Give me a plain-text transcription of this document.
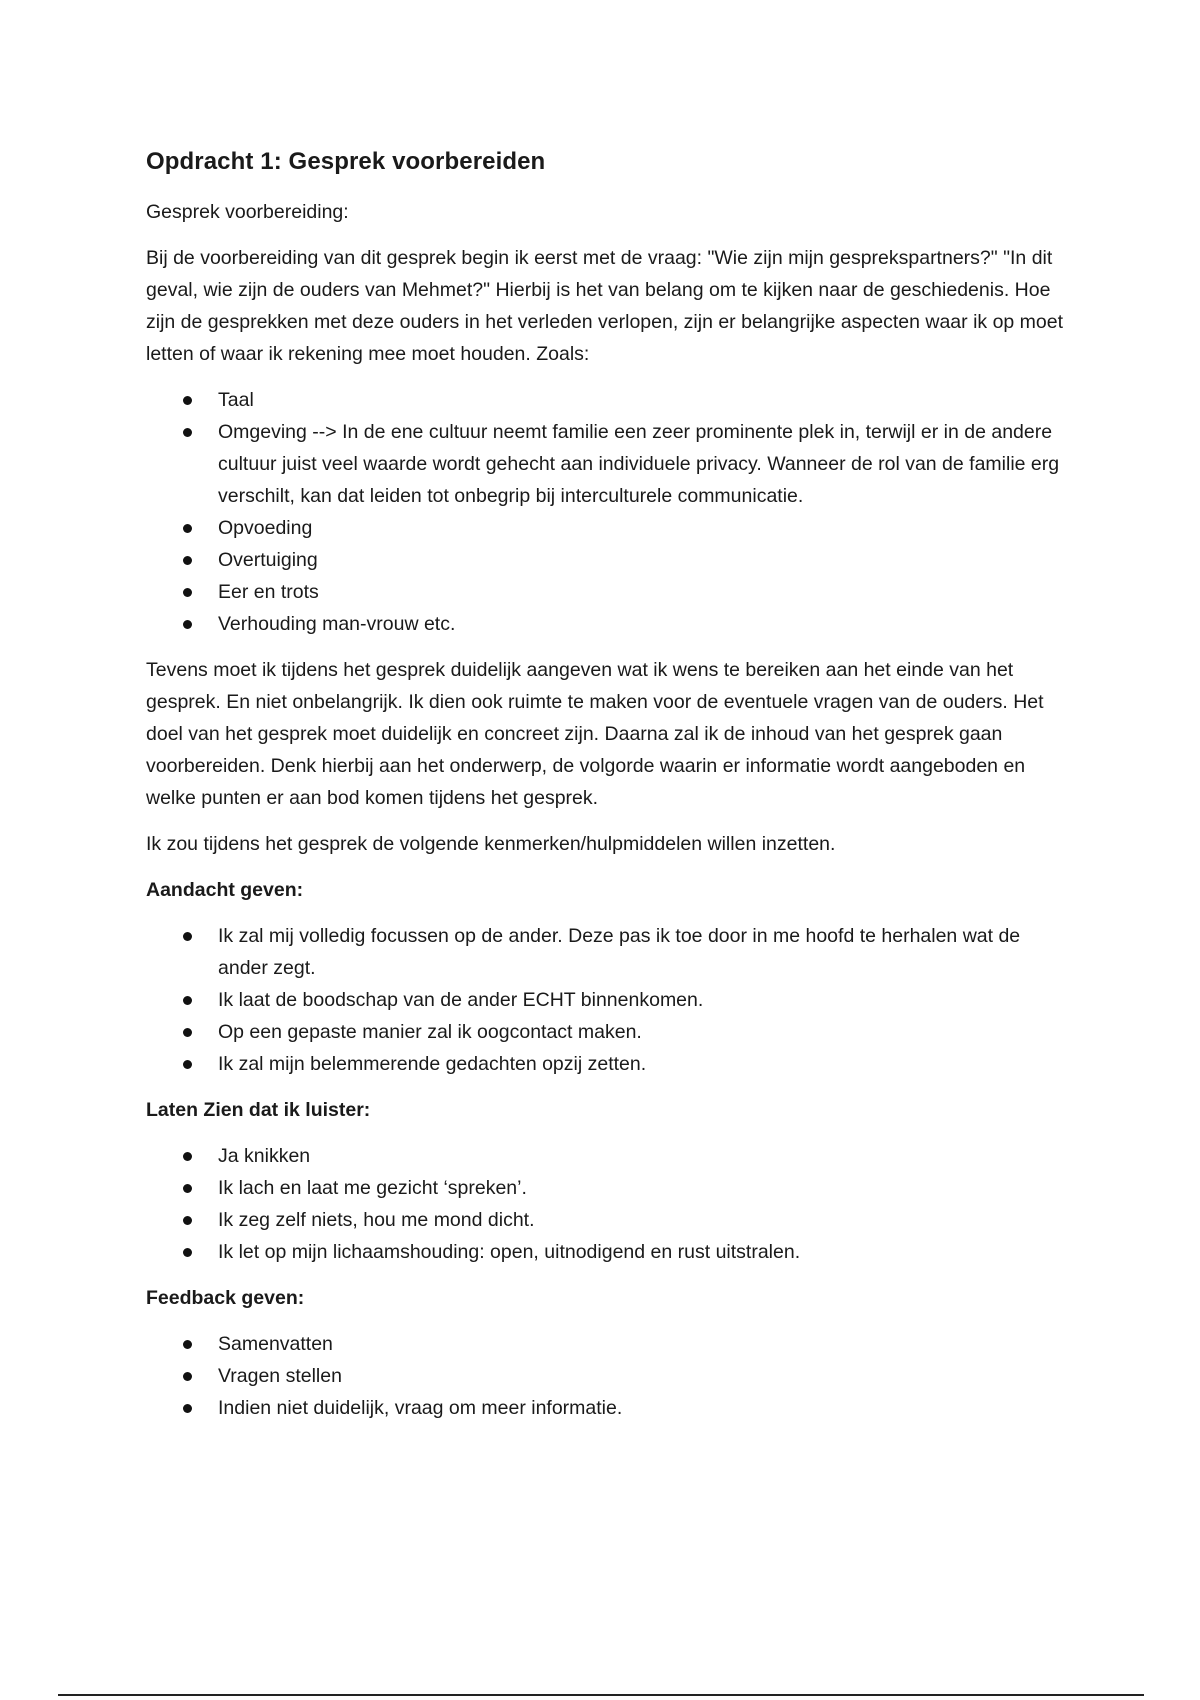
Opdracht 1: Gesprek voorbereiden

Gesprek voorbereiding:

Bij de voorbereiding van dit gesprek begin ik eerst met de vraag: "Wie zijn mijn gesprekspartners?" "In dit geval, wie zijn de ouders van Mehmet?" Hierbij is het van belang om te kijken naar de geschiedenis. Hoe zijn de gesprekken met deze ouders in het verleden verlopen, zijn er belangrijke aspecten waar ik op moet letten of waar ik rekening mee moet houden. Zoals:

Taal
Omgeving --> In de ene cultuur neemt familie een zeer prominente plek in, terwijl er in de andere cultuur juist veel waarde wordt gehecht aan individuele privacy. Wanneer de rol van de familie erg verschilt, kan dat leiden tot onbegrip bij interculturele communicatie.
Opvoeding
Overtuiging
Eer en trots
Verhouding man-vrouw etc.

Tevens moet ik tijdens het gesprek duidelijk aangeven wat ik wens te bereiken aan het einde van het gesprek. En niet onbelangrijk. Ik dien ook ruimte te maken voor de eventuele vragen van de ouders. Het doel van het gesprek moet duidelijk en concreet zijn. Daarna zal ik de inhoud van het gesprek gaan voorbereiden. Denk hierbij aan het onderwerp, de volgorde waarin er informatie wordt aangeboden en welke punten er aan bod komen tijdens het gesprek.

Ik zou tijdens het gesprek de volgende kenmerken/hulpmiddelen willen inzetten.

Aandacht geven:
Ik zal mij volledig focussen op de ander. Deze pas ik toe door in me hoofd te herhalen wat de ander zegt.
Ik laat de boodschap van de ander ECHT binnenkomen.
Op een gepaste manier zal ik oogcontact maken.
Ik zal mijn belemmerende gedachten opzij zetten.
Laten Zien dat ik luister:
Ja knikken
Ik lach en laat me gezicht ‘spreken’.
Ik zeg zelf niets, hou me mond dicht.
Ik let op mijn lichaamshouding: open, uitnodigend en rust uitstralen.
Feedback geven:
Samenvatten
Vragen stellen
Indien niet duidelijk, vraag om meer informatie.
